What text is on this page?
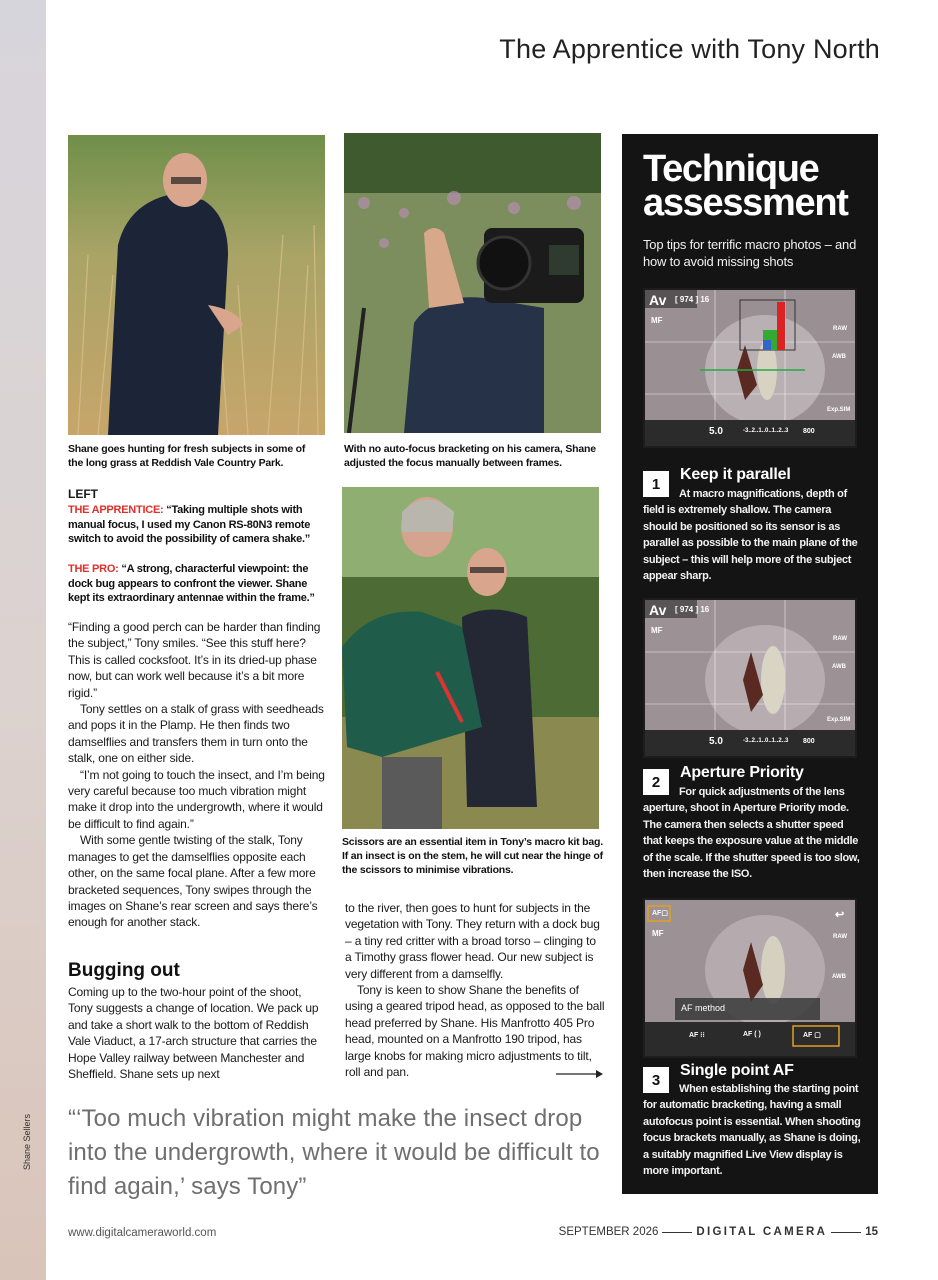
Shane Sellers
The Apprentice with Tony North
Shane goes hunting for fresh subjects in some of the long grass at Reddish Vale Country Park.
With no auto-focus bracketing on his camera, Shane adjusted the focus manually between frames.
Scissors are an essential item in Tony’s macro kit bag. If an insect is on the stem, he will cut near the hinge of the scissors to minimise vibrations.
LEFT
THE APPRENTICE: “Taking multiple shots with manual focus, I used my Canon RS-80N3 remote switch to avoid the possibility of camera shake.”
THE PRO: “A strong, characterful viewpoint: the dock bug appears to confront the viewer. Shane kept its extraordinary antennae within the frame.”

“Finding a good perch can be harder than finding the subject,” Tony smiles. “See this stuff here? This is called cocksfoot. It’s in its dried-up phase now, but can work well because it’s a bit more rigid.”

Tony settles on a stalk of grass with seedheads and pops it in the Plamp. He then finds two damselflies and transfers them in turn onto the stalk, one on either side.

“I’m not going to touch the insect, and I’m being very careful because too much vibration might make it drop into the undergrowth, where it would be difficult to find again.”

With some gentle twisting of the stalk, Tony manages to get the damselflies opposite each other, on the same focal plane. After a few more bracketed sequences, Tony swipes through the images on Shane’s rear screen and says there’s enough for another stack.

Bugging out

Coming up to the two-hour point of the shoot, Tony suggests a change of location. We pack up and take a short walk to the bottom of Reddish Vale Viaduct, a 17-arch structure that carries the Hope Valley railway between Manchester and Sheffield. Shane sets up next

to the river, then goes to hunt for subjects in the vegetation with Tony. They return with a dock bug – a tiny red critter with a broad torso – clinging to a Timothy grass flower head. Our new subject is very different from a damselfly.

Tony is keen to show Shane the benefits of using a geared tripod head, as opposed to the ball head preferred by Shane. His Manfrotto 405 Pro head, mounted on a Manfrotto 190 tripod, has large knobs for making micro adjustments to tilt, roll and pan.

“‘Too much vibration might make the insect drop into the undergrowth, where it would be difficult to find again,’ says Tony”
www.digitalcameraworld.com	SEPTEMBER 2026	DIGITAL CAMERA	15
Technique
assessment
Top tips for terrific macro photos – and how to avoid missing shots
Av [ 974 ] 16
MF
RAW
AWB
Exp.SIM
5.0	-3..2..1..0..1..2..3 800
1
Keep it parallel
At macro magnifications, depth of field is extremely shallow. The camera should be positioned so its sensor is as parallel as possible to the main plane of the subject – this will help more of the subject appear sharp.
Av [ 974 ] 16
MF
RAW
AWB
Exp.SIM
5.0	-3..2..1..0..1..2..3 800
2
Aperture Priority
For quick adjustments of the lens aperture, shoot in Aperture Priority mode. The camera then selects a shutter speed that keeps the exposure value at the middle of the scale. If the shutter speed is too slow, then increase the ISO.
AF▢
MF
↩
RAW
AWB
AF method
AF ⁝⁝	AF ( )	AF ▢
3
Single point AF
When establishing the starting point for automatic bracketing, having a small autofocus point is essential. When shooting focus brackets manually, as Shane is doing, a suitably magnified Live View display is more important.
